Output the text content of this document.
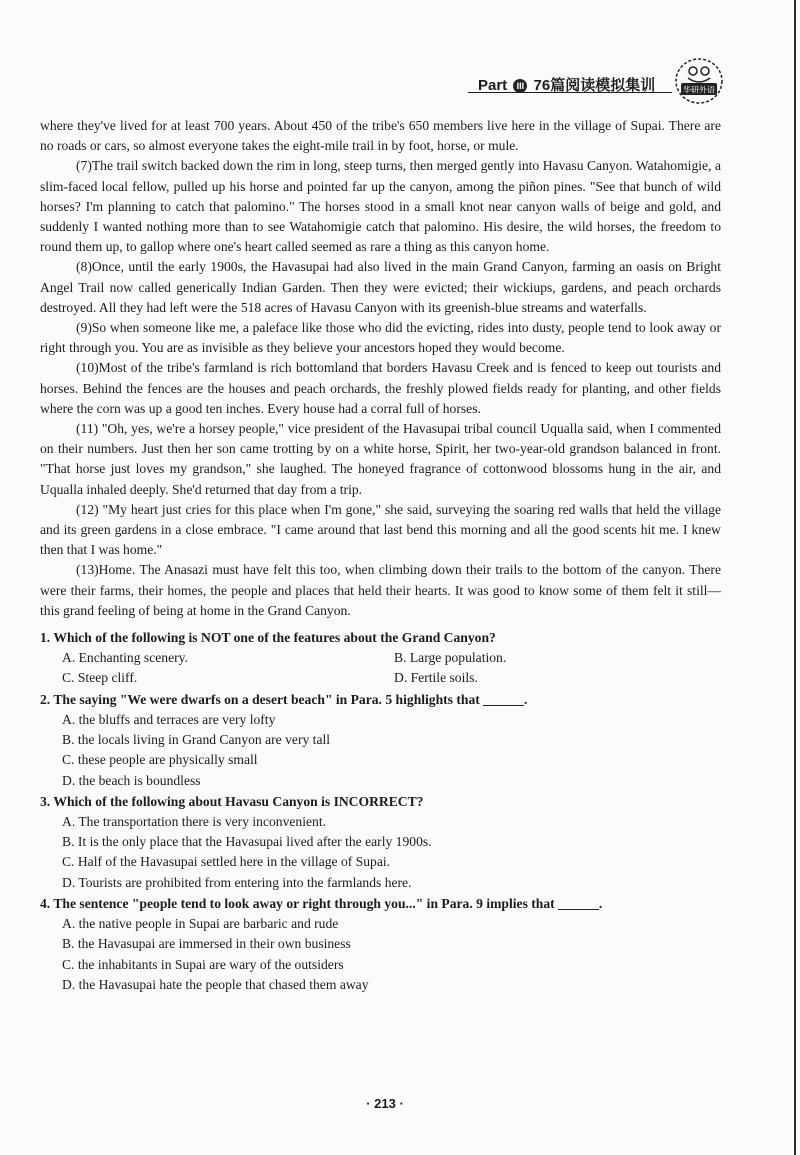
Part III 76篇阅读模拟集训	华研外语

where they've lived for at least 700 years. About 450 of the tribe's 650 members live here in the village of Supai. There are no roads or cars, so almost everyone takes the eight-mile trail in by foot, horse, or mule.

(7)The trail switch backed down the rim in long, steep turns, then merged gently into Havasu Canyon. Watahomigie, a slim-faced local fellow, pulled up his horse and pointed far up the canyon, among the piñon pines. "See that bunch of wild horses? I'm planning to catch that palomino." The horses stood in a small knot near canyon walls of beige and gold, and suddenly I wanted nothing more than to see Watahomigie catch that palomino. His desire, the wild horses, the freedom to round them up, to gallop where one's heart called seemed as rare a thing as this canyon home.

(8)Once, until the early 1900s, the Havasupai had also lived in the main Grand Canyon, farming an oasis on Bright Angel Trail now called generically Indian Garden. Then they were evicted; their wickiups, gardens, and peach orchards destroyed. All they had left were the 518 acres of Havasu Canyon with its greenish-blue streams and waterfalls.

(9)So when someone like me, a paleface like those who did the evicting, rides into dusty, people tend to look away or right through you. You are as invisible as they believe your ancestors hoped they would become.

(10)Most of the tribe's farmland is rich bottomland that borders Havasu Creek and is fenced to keep out tourists and horses. Behind the fences are the houses and peach orchards, the freshly plowed fields ready for planting, and other fields where the corn was up a good ten inches. Every house had a corral full of horses.

(11) "Oh, yes, we're a horsey people," vice president of the Havasupai tribal council Uqualla said, when I commented on their numbers. Just then her son came trotting by on a white horse, Spirit, her two-year-old grandson balanced in front. "That horse just loves my grandson," she laughed. The honeyed fragrance of cottonwood blossoms hung in the air, and Uqualla inhaled deeply. She'd returned that day from a trip.

(12) "My heart just cries for this place when I'm gone," she said, surveying the soaring red walls that held the village and its green gardens in a close embrace. "I came around that last bend this morning and all the good scents hit me. I knew then that I was home."

(13)Home. The Anasazi must have felt this too, when climbing down their trails to the bottom of the canyon. There were their farms, their homes, the people and places that held their hearts. It was good to know some of them felt it still—this grand feeling of being at home in the Grand Canyon.

1. Which of the following is NOT one of the features about the Grand Canyon?

A. Enchanting scenery.	B. Large population.

C. Steep cliff.	D. Fertile soils.

2. The saying "We were dwarfs on a desert beach" in Para. 5 highlights that ______.

A. the bluffs and terraces are very lofty

B. the locals living in Grand Canyon are very tall

C. these people are physically small

D. the beach is boundless

3. Which of the following about Havasu Canyon is INCORRECT?

A. The transportation there is very inconvenient.

B. It is the only place that the Havasupai lived after the early 1900s.

C. Half of the Havasupai settled here in the village of Supai.

D. Tourists are prohibited from entering into the farmlands here.

4. The sentence "people tend to look away or right through you..." in Para. 9 implies that ______.

A. the native people in Supai are barbaric and rude

B. the Havasupai are immersed in their own business

C. the inhabitants in Supai are wary of the outsiders

D. the Havasupai hate the people that chased them away

· 213 ·
